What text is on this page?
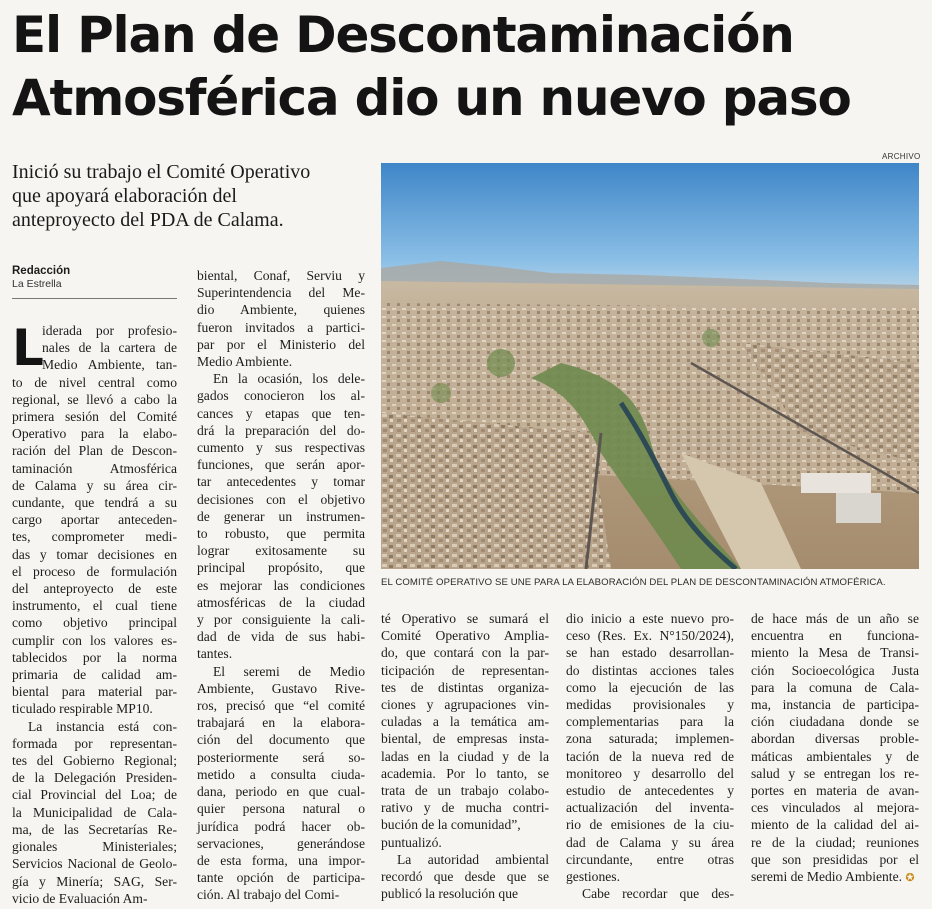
El Plan de Descontaminación
Atmosférica dio un nuevo paso

Inició su trabajo el Comité Operativo
que apoyará elaboración del
anteproyecto del PDA de Calama.

ARCHIVO
EL COMITÉ OPERATIVO SE UNE PARA LA ELABORACIÓN DEL PLAN DE DESCONTAMINACIÓN ATMOFÉRICA.
Redacción
La Estrella
L
iderada por profesio-
nales de la cartera de
Medio Ambiente, tan-
to de nivel central como
regional, se llevó a cabo la
primera sesión del Comité
Operativo para la elabo-
ración del Plan de Descon-
taminación Atmosférica
de Calama y su área cir-
cundante, que tendrá a su
cargo aportar anteceden-
tes, comprometer medi-
das y tomar decisiones en
el proceso de formulación
del anteproyecto de este
instrumento, el cual tiene
como objetivo principal
cumplir con los valores es-
tablecidos por la norma
primaria de calidad am-
biental para material par-
ticulado respirable MP10.
La instancia está con-
formada por representan-
tes del Gobierno Regional;
de la Delegación Presiden-
cial Provincial del Loa; de
la Municipalidad de Cala-
ma, de las Secretarías Re-
gionales Ministeriales;
Servicios Nacional de Geolo-
gía y Minería; SAG, Ser-
vicio de Evaluación Am-
biental, Conaf, Serviu y
Superintendencia del Me-
dio Ambiente, quienes
fueron invitados a partici-
par por el Ministerio del
Medio Ambiente.
En la ocasión, los dele-
gados conocieron los al-
cances y etapas que ten-
drá la preparación del do-
cumento y sus respectivas
funciones, que serán apor-
tar antecedentes y tomar
decisiones con el objetivo
de generar un instrumen-
to robusto, que permita
lograr exitosamente su
principal propósito, que
es mejorar las condiciones
atmosféricas de la ciudad
y por consiguiente la cali-
dad de vida de sus habi-
tantes.
El seremi de Medio
Ambiente, Gustavo Rive-
ros, precisó que “el comité
trabajará en la elabora-
ción del documento que
posteriormente será so-
metido a consulta ciuda-
dana, periodo en que cual-
quier persona natural o
jurídica podrá hacer ob-
servaciones, generándose
de esta forma, una impor-
tante opción de participa-
ción. Al trabajo del Comi-
té Operativo se sumará el
Comité Operativo Amplia-
do, que contará con la par-
ticipación de representan-
tes de distintas organiza-
ciones y agrupaciones vin-
culadas a la temática am-
biental, de empresas insta-
ladas en la ciudad y de la
academia. Por lo tanto, se
trata de un trabajo colabo-
rativo y de mucha contri-
bución de la comunidad”,
puntualizó.
La autoridad ambiental
recordó que desde que se
publicó la resolución que
dio inicio a este nuevo pro-
ceso (Res. Ex. N°150/2024),
se han estado desarrollan-
do distintas acciones tales
como la ejecución de las
medidas provisionales y
complementarias para la
zona saturada; implemen-
tación de la nueva red de
monitoreo y desarrollo del
estudio de antecedentes y
actualización del inventa-
rio de emisiones de la ciu-
dad de Calama y su área
circundante, entre otras
gestiones.
Cabe recordar que des-
de hace más de un año se
encuentra en funciona-
miento la Mesa de Transi-
ción Socioecológica Justa
para la comuna de Cala-
ma, instancia de participa-
ción ciudadana donde se
abordan diversas proble-
máticas ambientales y de
salud y se entregan los re-
portes en materia de avan-
ces vinculados al mejora-
miento de la calidad del ai-
re de la ciudad; reuniones
que son presididas por el
seremi de Medio Ambiente. ✪
